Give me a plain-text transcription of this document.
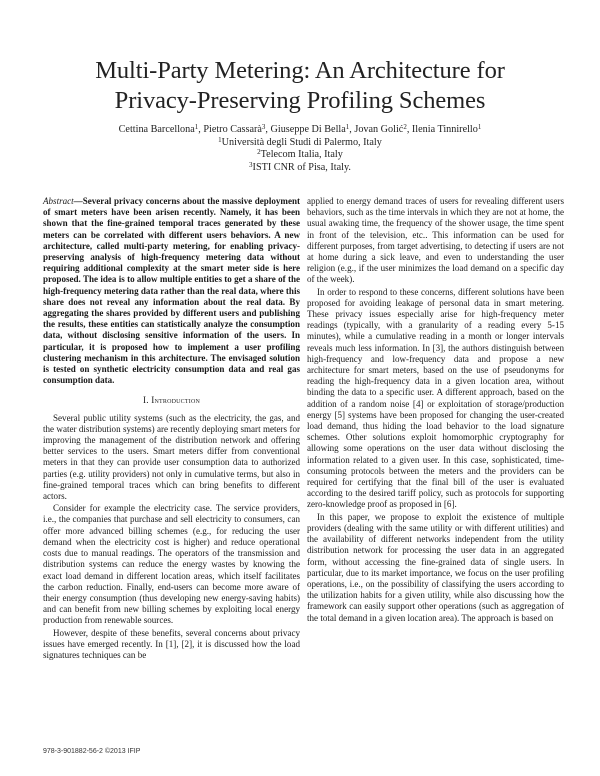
Multi-Party Metering: An Architecture for
Privacy-Preserving Profiling Schemes
Cettina Barcellona$^1$, Pietro Cassarà$^3$, Giuseppe Di Bella$^1$, Jovan Golić$^2$, Ilenia Tinnirello$^1$
$^1$Università degli Studi di Palermo, Italy
$^2$Telecom Italia, Italy
$^3$ISTI CNR of Pisa, Italy.

Abstract—Several privacy concerns about the massive deployment of smart meters have been arisen recently. Namely, it has been shown that the fine-grained temporal traces generated by these meters can be correlated with different users behaviors. A new architecture, called multi-party metering, for enabling privacy-preserving analysis of high-frequency metering data without requiring additional complexity at the smart meter side is here proposed. The idea is to allow multiple entities to get a share of the high-frequency metering data rather than the real data, where this share does not reveal any information about the real data. By aggregating the shares provided by different users and publishing the results, these entities can statistically analyze the consumption data, without disclosing sensitive information of the users. In particular, it is proposed how to implement a user profiling clustering mechanism in this architecture. The envisaged solution is tested on synthetic electricity consumption data and real gas consumption data.

I. Introduction

Several public utility systems (such as the electricity, the gas, and the water distribution systems) are recently deploying smart meters for improving the management of the distribution network and offering better services to the users. Smart meters differ from conventional meters in that they can provide user consumption data to authorized parties (e.g. utility providers) not only in cumulative terms, but also in fine-grained temporal traces which can bring benefits to different actors.

Consider for example the electricity case. The service providers, i.e., the companies that purchase and sell electricity to consumers, can offer more advanced billing schemes (e.g., for reducing the user demand when the electricity cost is higher) and reduce operational costs due to manual readings. The operators of the transmission and distribution systems can reduce the energy wastes by knowing the exact load demand in different location areas, which itself facilitates the carbon reduction. Finally, end-users can become more aware of their energy consumption (thus developing new energy-saving habits) and can benefit from new billing schemes by exploiting local energy production from renewable sources.

However, despite of these benefits, several concerns about privacy issues have emerged recently. In [1], [2], it is discussed how the load signatures techniques can be

applied to energy demand traces of users for revealing different users behaviors, such as the time intervals in which they are not at home, the usual awaking time, the frequency of the shower usage, the time spent in front of the television, etc.. This information can be used for different purposes, from target advertising, to detecting if users are not at home during a sick leave, and even to understanding the user religion (e.g., if the user minimizes the load demand on a specific day of the week).

In order to respond to these concerns, different solutions have been proposed for avoiding leakage of personal data in smart metering. These privacy issues especially arise for high-frequency meter readings (typically, with a granularity of a reading every 5-15 minutes), while a cumulative reading in a month or longer intervals reveals much less information. In [3], the authors distinguish between high-frequency and low-frequency data and propose a new architecture for smart meters, based on the use of pseudonyms for reading the high-frequency data in a given location area, without binding the data to a specific user. A different approach, based on the addition of a random noise [4] or exploitation of storage/production energy [5] systems have been proposed for changing the user-created load demand, thus hiding the load behavior to the load signature schemes. Other solutions exploit homomorphic cryptography for allowing some operations on the user data without disclosing the information related to a given user. In this case, sophisticated, time-consuming protocols between the meters and the providers can be required for certifying that the final bill of the user is evaluated according to the desired tariff policy, such as protocols for supporting zero-knowledge proof as proposed in [6].

In this paper, we propose to exploit the existence of multiple providers (dealing with the same utility or with different utilities) and the availability of different networks independent from the utility distribution network for processing the user data in an aggregated form, without accessing the fine-grained data of single users. In particular, due to its market importance, we focus on the user profiling operations, i.e., on the possibility of classifying the users according to the utilization habits for a given utility, while also discussing how the framework can easily support other operations (such as aggregation of the total demand in a given location area). The approach is based on

978-3-901882-56-2 ©2013 IFIP
